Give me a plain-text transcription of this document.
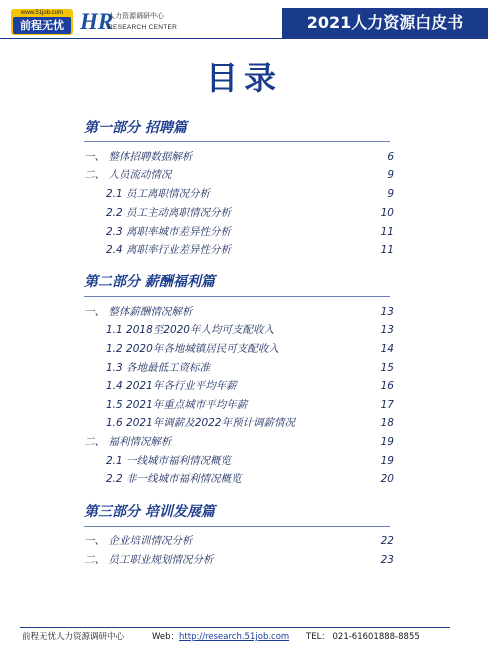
www.51job.com
前程无忧 HR
人力资源调研中心
RESEARCH CENTER	2021人力资源白皮书
目录
第一部分 招聘篇
一、 整体招聘数据解析	6
二、 人员流动情况	9
2.1 员工离职情况分析	9
2.2 员工主动离职情况分析	10
2.3 离职率城市差异性分析	11
2.4 离职率行业差异性分析	11
第二部分 薪酬福利篇
一、 整体薪酬情况解析	13
1.1 2018至2020年人均可支配收入	13
1.2 2020年各地城镇居民可支配收入	14
1.3 各地最低工资标准	15
1.4 2021年各行业平均年薪	16
1.5 2021年重点城市平均年薪	17
1.6 2021年调薪及2022年预计调薪情况	18
二、 福利情况解析	19
2.1 一线城市福利情况概览	19
2.2 非一线城市福利情况概览	20
第三部分 培训发展篇
一、 企业培训情况分析	22
二、 员工职业规划情况分析	23
前程无忧人力资源调研中心	Web：http://research.51job.com TEL： 021-61601888-8855
